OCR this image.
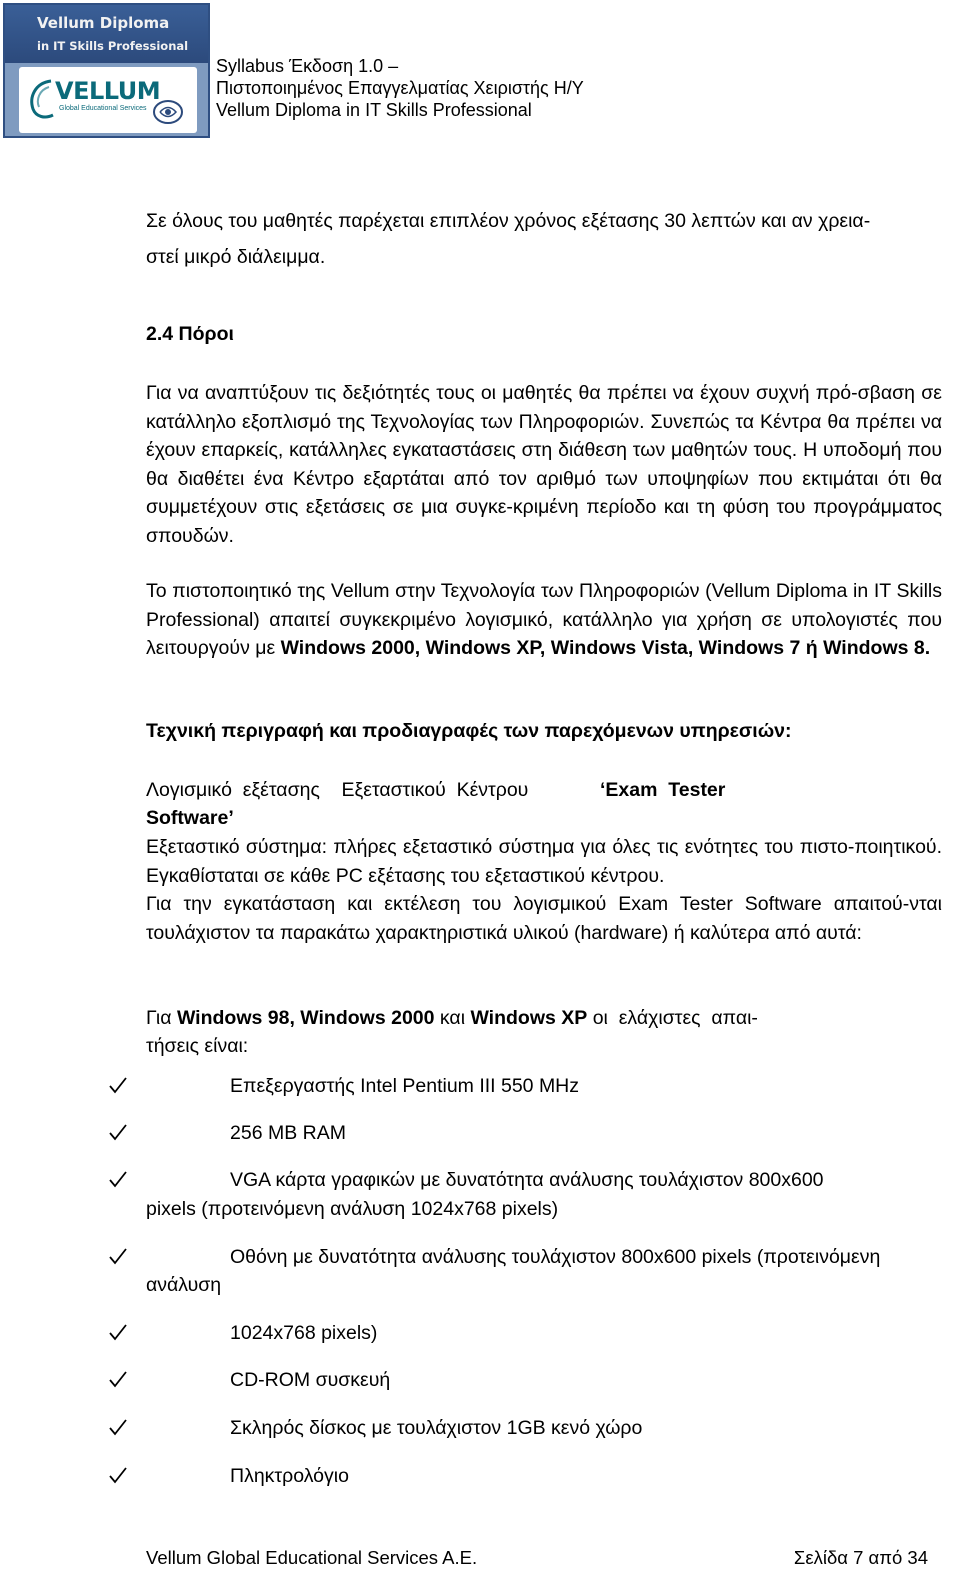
Vellum Diploma
in IT Skills Professional
VELLUM
Global Educational Services
Syllabus Έκδοση 1.0 –
Πιστοποιημένος Επαγγελματίας Χειριστής Η/Υ
Vellum Diploma in IT Skills Professional
Σε όλους του μαθητές παρέχεται επιπλέον χρόνος εξέτασης 30 λεπτών και αν χρεια-
στεί μικρό διάλειμμα.
2.4 Πόροι
Για να αναπτύξουν τις δεξιότητές τους οι μαθητές θα πρέπει να έχουν συχνή πρό-σβαση σε κατάλληλο εξοπλισμό της Τεχνολογίας των Πληροφοριών. Συνεπώς τα Κέντρα θα πρέπει να έχουν επαρκείς, κατάλληλες εγκαταστάσεις στη διάθεση των μαθητών τους. Η υποδομή που θα διαθέτει ένα Κέντρο εξαρτάται από τον αριθμό των υποψηφίων που εκτιμάται ότι θα συμμετέχουν στις εξετάσεις σε μια συγκε-κριμένη περίοδο και τη φύση του προγράμματος σπουδών.
Το πιστοποιητικό της Vellum στην Τεχνολογία των Πληροφοριών (Vellum Diploma in IT Skills Professional) απαιτεί συγκεκριμένο λογισμικό, κατάλληλο για χρήση σε υπολογιστές που λειτουργούν με Windows 2000, Windows XP, Windows Vista, Windows 7 ή Windows 8.
Τεχνική περιγραφή και προδιαγραφές των παρεχόμενων υπηρεσιών:
Λογισμικό  εξέτασης    Εξεταστικού  Κέντρου	‘Exam  Tester
Software’
Εξεταστικό σύστημα: πλήρες εξεταστικό σύστημα για όλες τις ενότητες του πιστο-ποιητικού. Εγκαθίσταται σε κάθε PC εξέτασης του εξεταστικού κέντρου.
Για την εγκατάσταση και εκτέλεση του λογισμικού Exam Tester Software απαιτού-νται τουλάχιστον τα παρακάτω χαρακτηριστικά υλικού (hardware) ή καλύτερα από αυτά:
Για Windows 98, Windows 2000 και Windows XP οι  ελάχιστες  απαι-
τήσεις είναι:
Επεξεργαστής Intel Pentium III 550 MHz
256 MB RAM
VGA κάρτα γραφικών με δυνατότητα ανάλυσης τουλάχιστον 800x600
pixels (προτεινόμενη ανάλυση 1024x768 pixels)
Οθόνη με δυνατότητα ανάλυσης τουλάχιστον 800x600 pixels (προτεινόμενη
ανάλυση
1024x768 pixels)
CD-ROM συσκευή
Σκληρός δίσκος με τουλάχιστον 1GB κενό χώρο
Πληκτρολόγιο
Vellum Global Educational Services A.E.	Σελίδα 7 από 34
